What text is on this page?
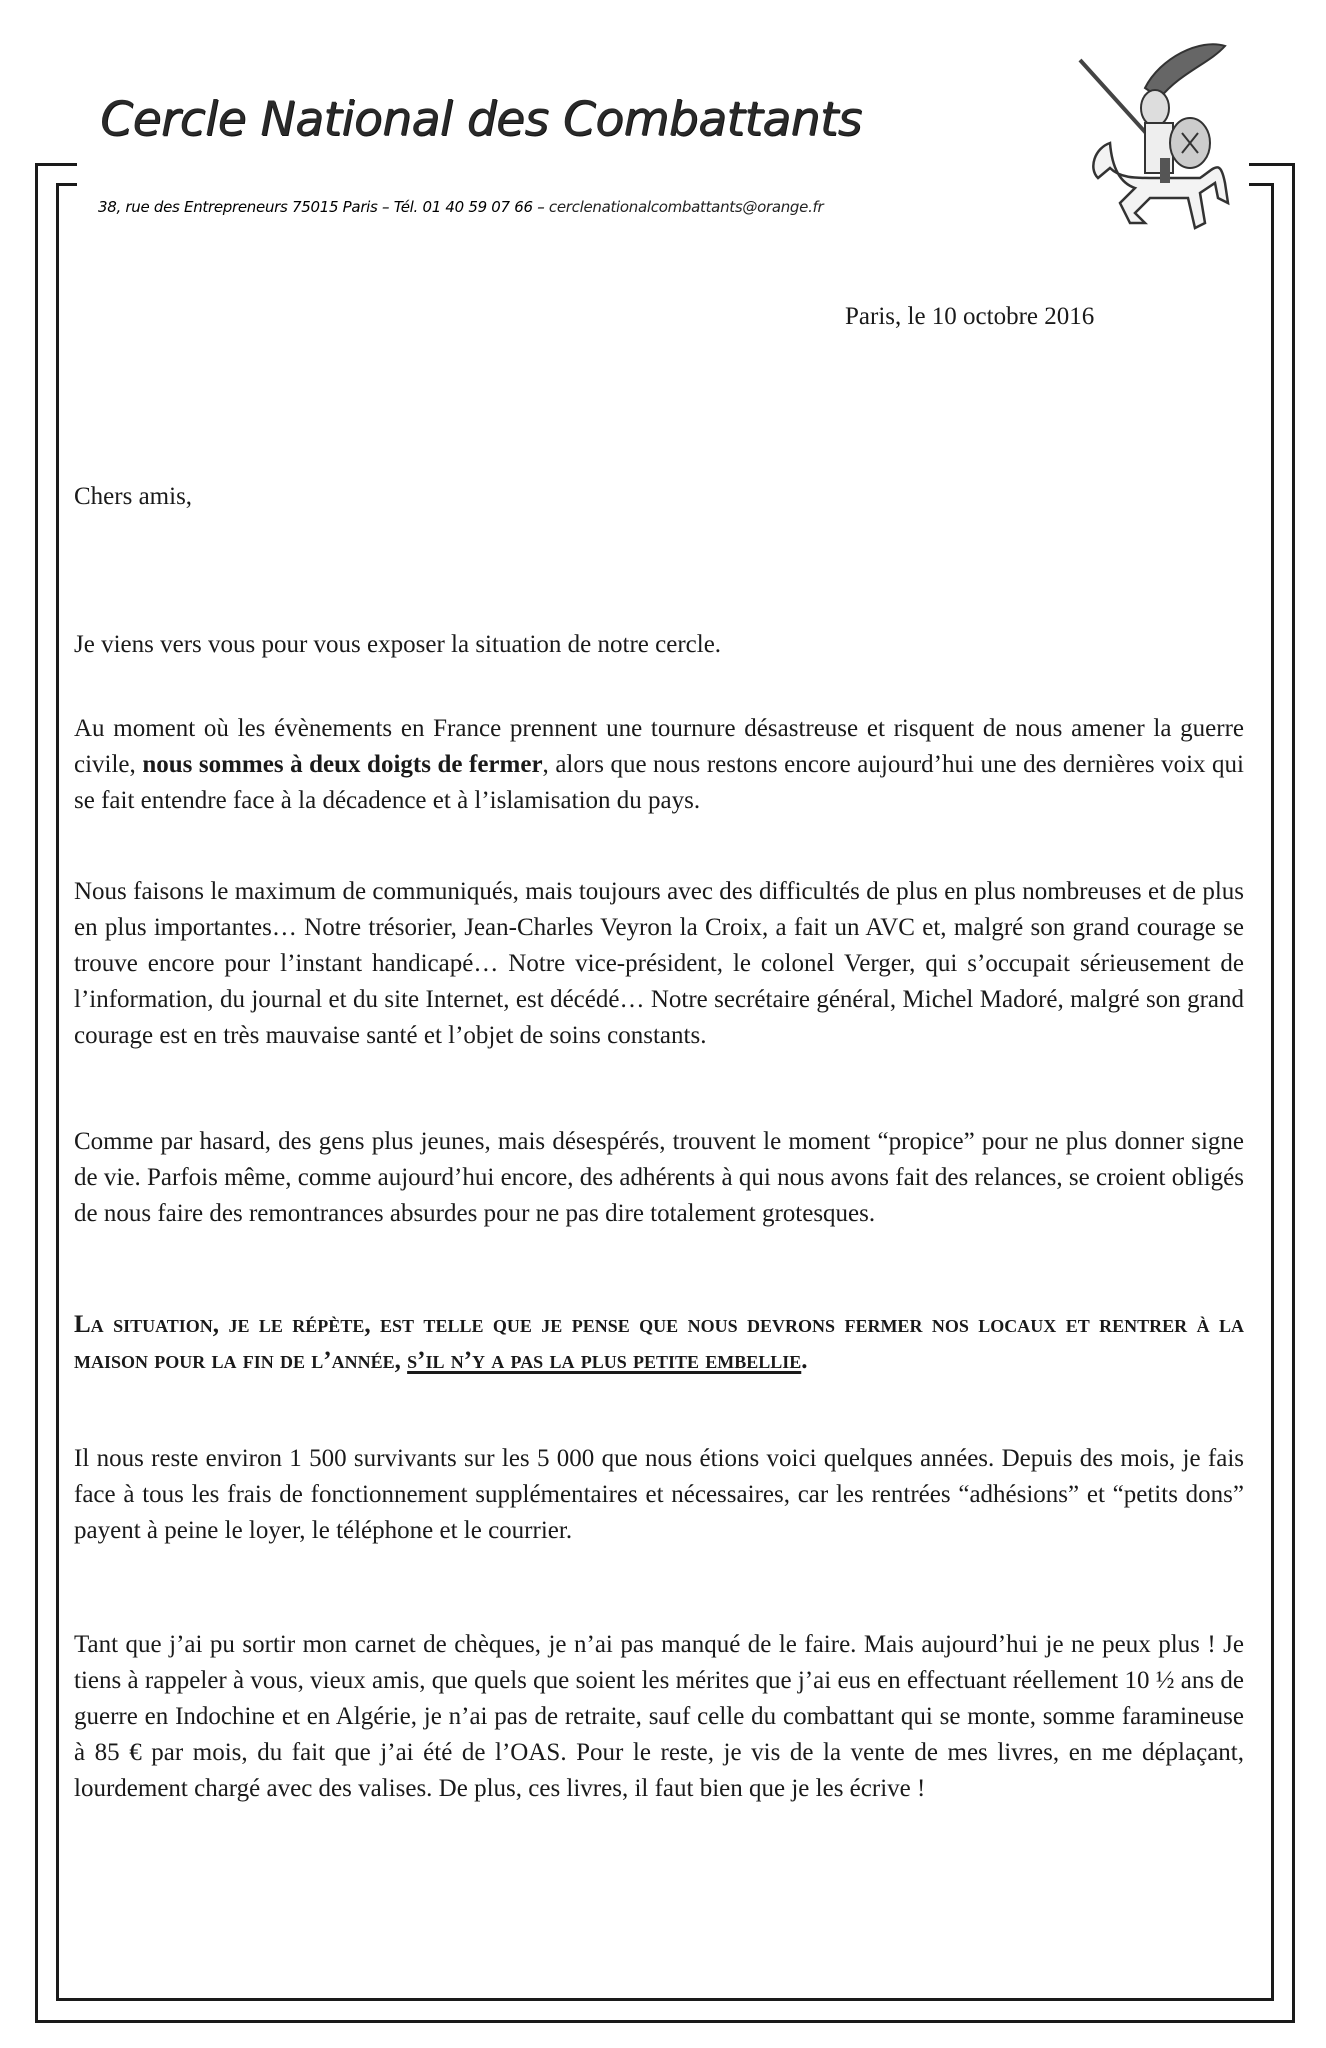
Cercle National des Combattants
38, rue des Entrepreneurs 75015 Paris – Tél. 01 40 59 07 66 – cerclenationalcombattants@orange.fr
Paris, le 10 octobre 2016

Chers amis,

Je viens vers vous pour vous exposer la situation de notre cercle.

Au moment où les évènements en France prennent une tournure désastreuse et risquent de nous amener la guerre civile, nous sommes à deux doigts de fermer, alors que nous restons encore aujourd’hui une des dernières voix qui se fait entendre face à la décadence et à l’islamisation du pays.

Nous faisons le maximum de communiqués, mais toujours avec des difficultés de plus en plus nombreuses et de plus en plus importantes… Notre trésorier, Jean-Charles Veyron la Croix, a fait un AVC et, malgré son grand courage se trouve encore pour l’instant handicapé… Notre vice-président, le colonel Verger, qui s’occupait sérieusement de l’information, du journal et du site Internet, est décédé… Notre secrétaire général, Michel Madoré, malgré son grand courage est en très mauvaise santé et l’objet de soins constants.

Comme par hasard, des gens plus jeunes, mais désespérés, trouvent le moment “propice” pour ne plus donner signe de vie. Parfois même, comme aujourd’hui encore, des adhérents à qui nous avons fait des relances, se croient obligés de nous faire des remontrances absurdes pour ne pas dire totalement grotesques.

La situation, je le répète, est telle que je pense que nous devrons fermer nos locaux et rentrer à la maison pour la fin de l’année, s’il n’y a pas la plus petite embellie.

Il nous reste environ 1 500 survivants sur les 5 000 que nous étions voici quelques années. Depuis des mois, je fais face à tous les frais de fonctionnement supplémentaires et nécessaires, car les rentrées “adhésions” et “petits dons” payent à peine le loyer, le téléphone et le courrier.

Tant que j’ai pu sortir mon carnet de chèques, je n’ai pas manqué de le faire. Mais aujourd’hui je ne peux plus ! Je tiens à rappeler à vous, vieux amis, que quels que soient les mérites que j’ai eus en effectuant réellement 10 ½ ans de guerre en Indochine et en Algérie, je n’ai pas de retraite, sauf celle du combattant qui se monte, somme faramineuse à 85 € par mois, du fait que j’ai été de l’OAS. Pour le reste, je vis de la vente de mes livres, en me déplaçant, lourdement chargé avec des valises. De plus, ces livres, il faut bien que je les écrive !
